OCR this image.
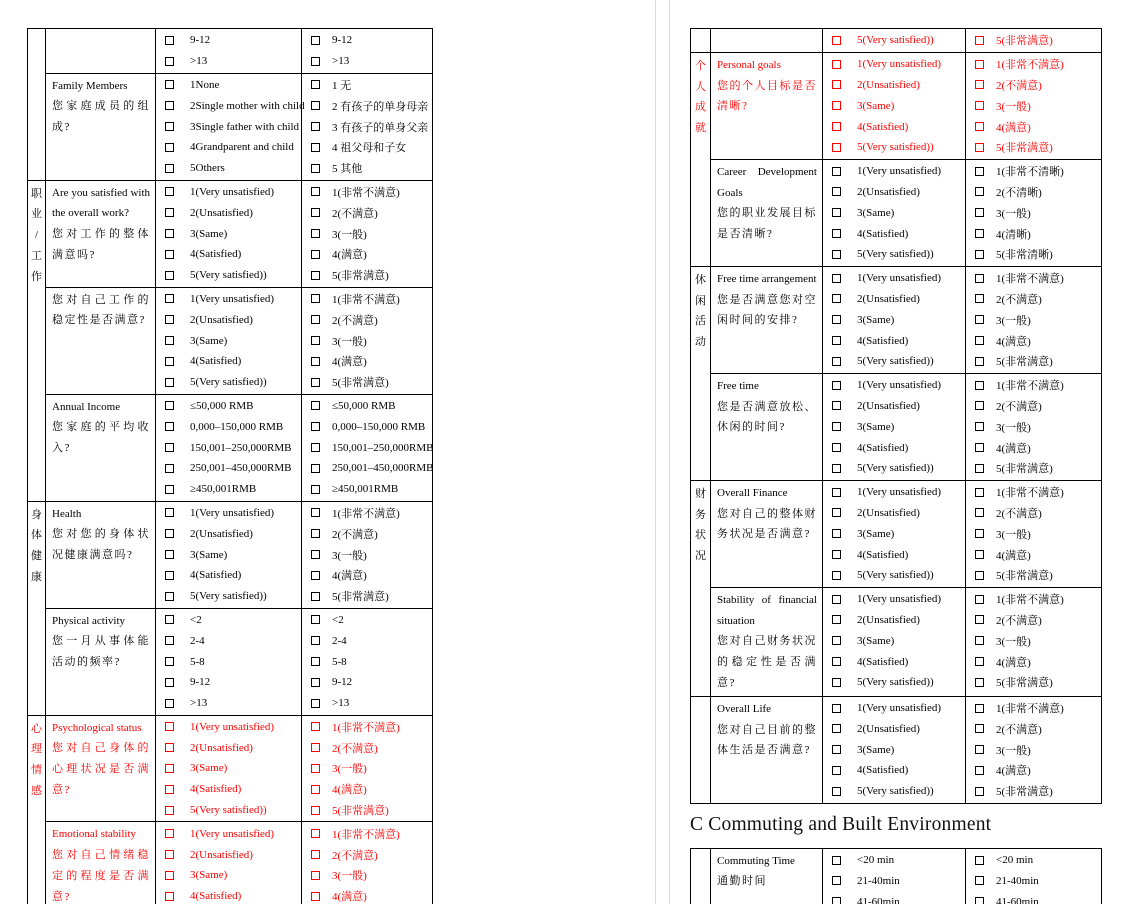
9-12
>13
9-12
>13
Family Members
您家庭成员的组成?
1None
2Single mother with child
3Single father with child
4Grandparent and child
5Others
1 无
2 有孩子的单身母亲
3 有孩子的单身父亲
4 祖父母和子女
5 其他
职
业
/
工
作
Are you satisfied with the overall work?
您对工作的整体满意吗?
1(Very unsatisfied)
2(Unsatisfied)
3(Same)
4(Satisfied)
5(Very satisfied))
1(非常不满意)
2(不满意)
3(一般)
4(满意)
5(非常满意)
您对自己工作的稳定性是否满意?
1(Very unsatisfied)
2(Unsatisfied)
3(Same)
4(Satisfied)
5(Very satisfied))
1(非常不满意)
2(不满意)
3(一般)
4(满意)
5(非常满意)
Annual Income
您家庭的平均收入?
≤50,000 RMB
0,000–150,000 RMB
150,001–250,000RMB
250,001–450,000RMB
≥450,001RMB
≤50,000 RMB
0,000–150,000 RMB
150,001–250,000RMB
250,001–450,000RMB
≥450,001RMB
身
体
健
康
Health
您对您的身体状况健康满意吗?
1(Very unsatisfied)
2(Unsatisfied)
3(Same)
4(Satisfied)
5(Very satisfied))
1(非常不满意)
2(不满意)
3(一般)
4(满意)
5(非常满意)
Physical activity
您一月从事体能活动的频率?
<2
2-4
5-8
9-12
>13
<2
2-4
5-8
9-12
>13
心
理
情
感
Psychological status
您对自己身体的心理状况是否满意?
1(Very unsatisfied)
2(Unsatisfied)
3(Same)
4(Satisfied)
5(Very satisfied))
1(非常不满意)
2(不满意)
3(一般)
4(满意)
5(非常满意)
Emotional stability
您对自己情绪稳定的程度是否满意?
1(Very unsatisfied)
2(Unsatisfied)
3(Same)
4(Satisfied)
1(非常不满意)
2(不满意)
3(一般)
4(满意)
5(Very satisfied))	5(非常满意)
个
人
成
就
Personal goals
您的个人目标是否清晰?
1(Very unsatisfied)
2(Unsatisfied)
3(Same)
4(Satisfied)
5(Very satisfied))
1(非常不满意)
2(不满意)
3(一般)
4(满意)
5(非常满意)
Career Development Goals
您的职业发展目标是否清晰?
1(Very unsatisfied)
2(Unsatisfied)
3(Same)
4(Satisfied)
5(Very satisfied))
1(非常不清晰)
2(不清晰)
3(一般)
4(清晰)
5(非常清晰)
休
闲
活
动
Free time arrangement
您是否满意您对空闲时间的安排?
1(Very unsatisfied)
2(Unsatisfied)
3(Same)
4(Satisfied)
5(Very satisfied))
1(非常不满意)
2(不满意)
3(一般)
4(满意)
5(非常满意)
Free time
您是否满意放松、休闲的时间?
1(Very unsatisfied)
2(Unsatisfied)
3(Same)
4(Satisfied)
5(Very satisfied))
1(非常不满意)
2(不满意)
3(一般)
4(满意)
5(非常满意)
财
务
状
况
Overall Finance
您对自己的整体财务状况是否满意?
1(Very unsatisfied)
2(Unsatisfied)
3(Same)
4(Satisfied)
5(Very satisfied))
1(非常不满意)
2(不满意)
3(一般)
4(满意)
5(非常满意)
Stability of financial situation
您对自己财务状况的稳定性是否满意?
1(Very unsatisfied)
2(Unsatisfied)
3(Same)
4(Satisfied)
5(Very satisfied))
1(非常不满意)
2(不满意)
3(一般)
4(满意)
5(非常满意)
Overall Life
您对自己目前的整体生活是否满意?
1(Very unsatisfied)
2(Unsatisfied)
3(Same)
4(Satisfied)
5(Very satisfied))
1(非常不满意)
2(不满意)
3(一般)
4(满意)
5(非常满意)
C Commuting and Built Environment
Commuting Time
通勤时间
<20 min
21-40min
41-60min
<20 min
21-40min
41-60min
